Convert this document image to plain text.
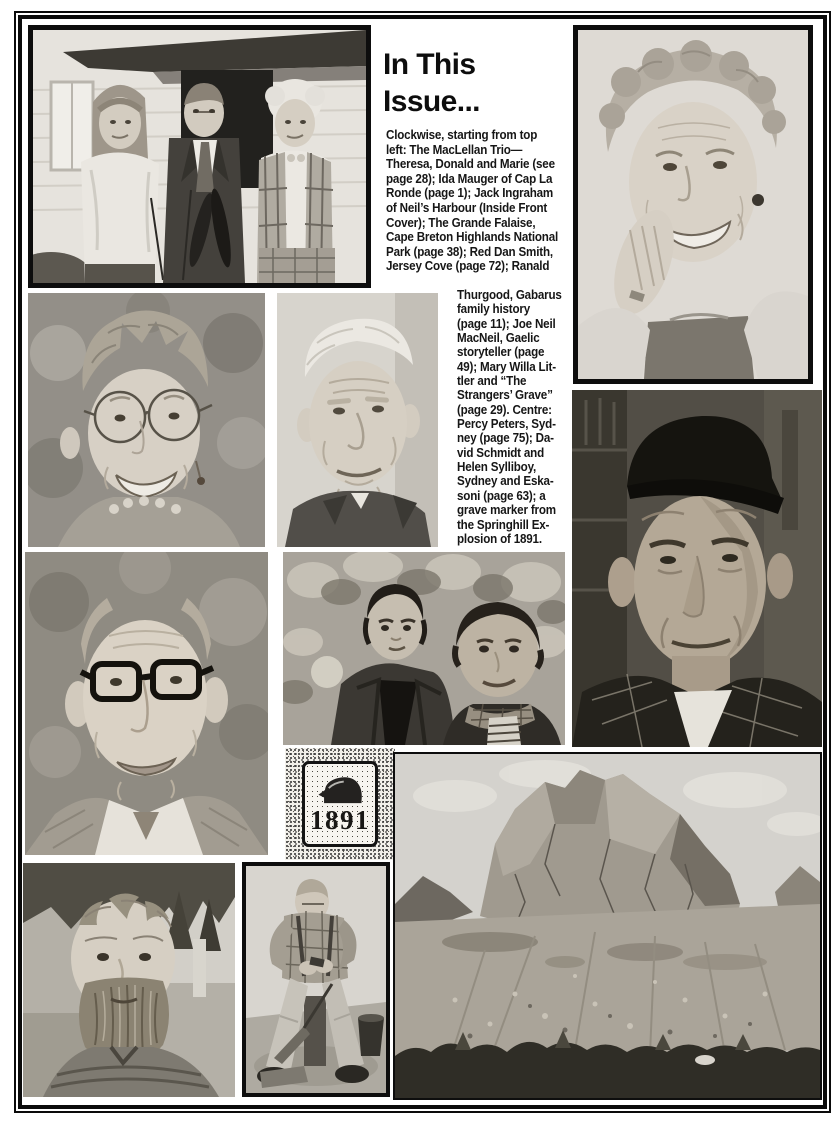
1891
In This
Issue...
Clockwise, starting from top
left: The MacLellan Trio—
Theresa, Donald and Marie (see
page 28); Ida Mauger of Cap La
Ronde (page 1); Jack Ingraham
of Neil’s Harbour (Inside Front
Cover); The Grande Falaise,
Cape Breton Highlands National
Park (page 38); Red Dan Smith,
Jersey Cove (page 72); Ranald
Thurgood, Gabarus
family history
(page 11); Joe Neil
MacNeil, Gaelic
storyteller (page
49); Mary Willa Lit-
tler and “The
Strangers’ Grave”
(page 29). Centre:
Percy Peters, Syd-
ney (page 75); Da-
vid Schmidt and
Helen Sylliboy,
Sydney and Eska-
soni (page 63); a
grave marker from
the Springhill Ex-
plosion of 1891.
